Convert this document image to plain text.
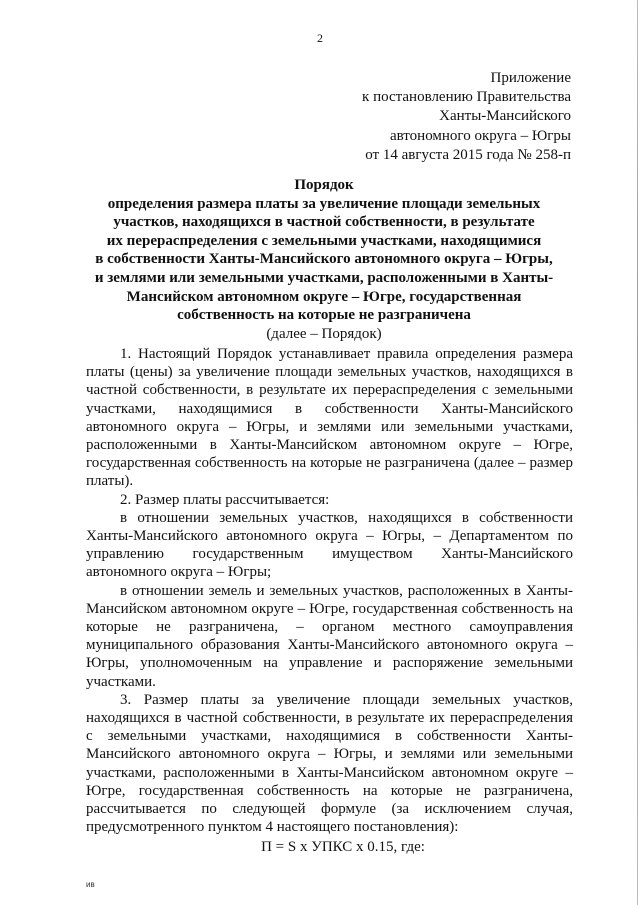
2
Приложение
к постановлению Правительства
Ханты-Мансийского
автономного округа – Югры
от 14 августа 2015 года № 258-п
Порядок
определения размера платы за увеличение площади земельных
участков, находящихся в частной собственности, в результате
их перераспределения с земельными участками, находящимися
в собственности Ханты-Мансийского автономного округа – Югры,
и землями или земельными участками, расположенными в Ханты-
Мансийском автономном округе – Югре, государственная
собственность на которые не разграничена
(далее – Порядок)

1. Настоящий Порядок устанавливает правила определения размера платы (цены) за увеличение площади земельных участков, находящихся в частной собственности, в результате их перераспределения с земельными участками, находящимися в собственности Ханты-Мансийского автономного округа – Югры, и землями или земельными участками, расположенными в Ханты-Мансийском автономном округе – Югре, государственная собственность на которые не разграничена (далее – размер платы).

2. Размер платы рассчитывается:

в отношении земельных участков, находящихся в собственности Ханты-Мансийского автономного округа – Югры, – Департаментом по управлению государственным имуществом Ханты-Мансийского автономного округа – Югры;

в отношении земель и земельных участков, расположенных в Ханты-Мансийском автономном округе – Югре, государственная собственность на которые не разграничена, – органом местного самоуправления муниципального образования Ханты-Мансийского автономного округа – Югры, уполномоченным на управление и распоряжение земельными участками.

3. Размер платы за увеличение площади земельных участков, находящихся в частной собственности, в результате их перераспределения с земельными участками, находящимися в собственности Ханты-Мансийского автономного округа – Югры, и землями или земельными участками, расположенными в Ханты-Мансийском автономном округе – Югре, государственная собственность на которые не разграничена, рассчитывается по следующей формуле (за исключением случая, предусмотренного пунктом 4 настоящего постановления):

П = S х УПКС х 0.15, где:
ив
